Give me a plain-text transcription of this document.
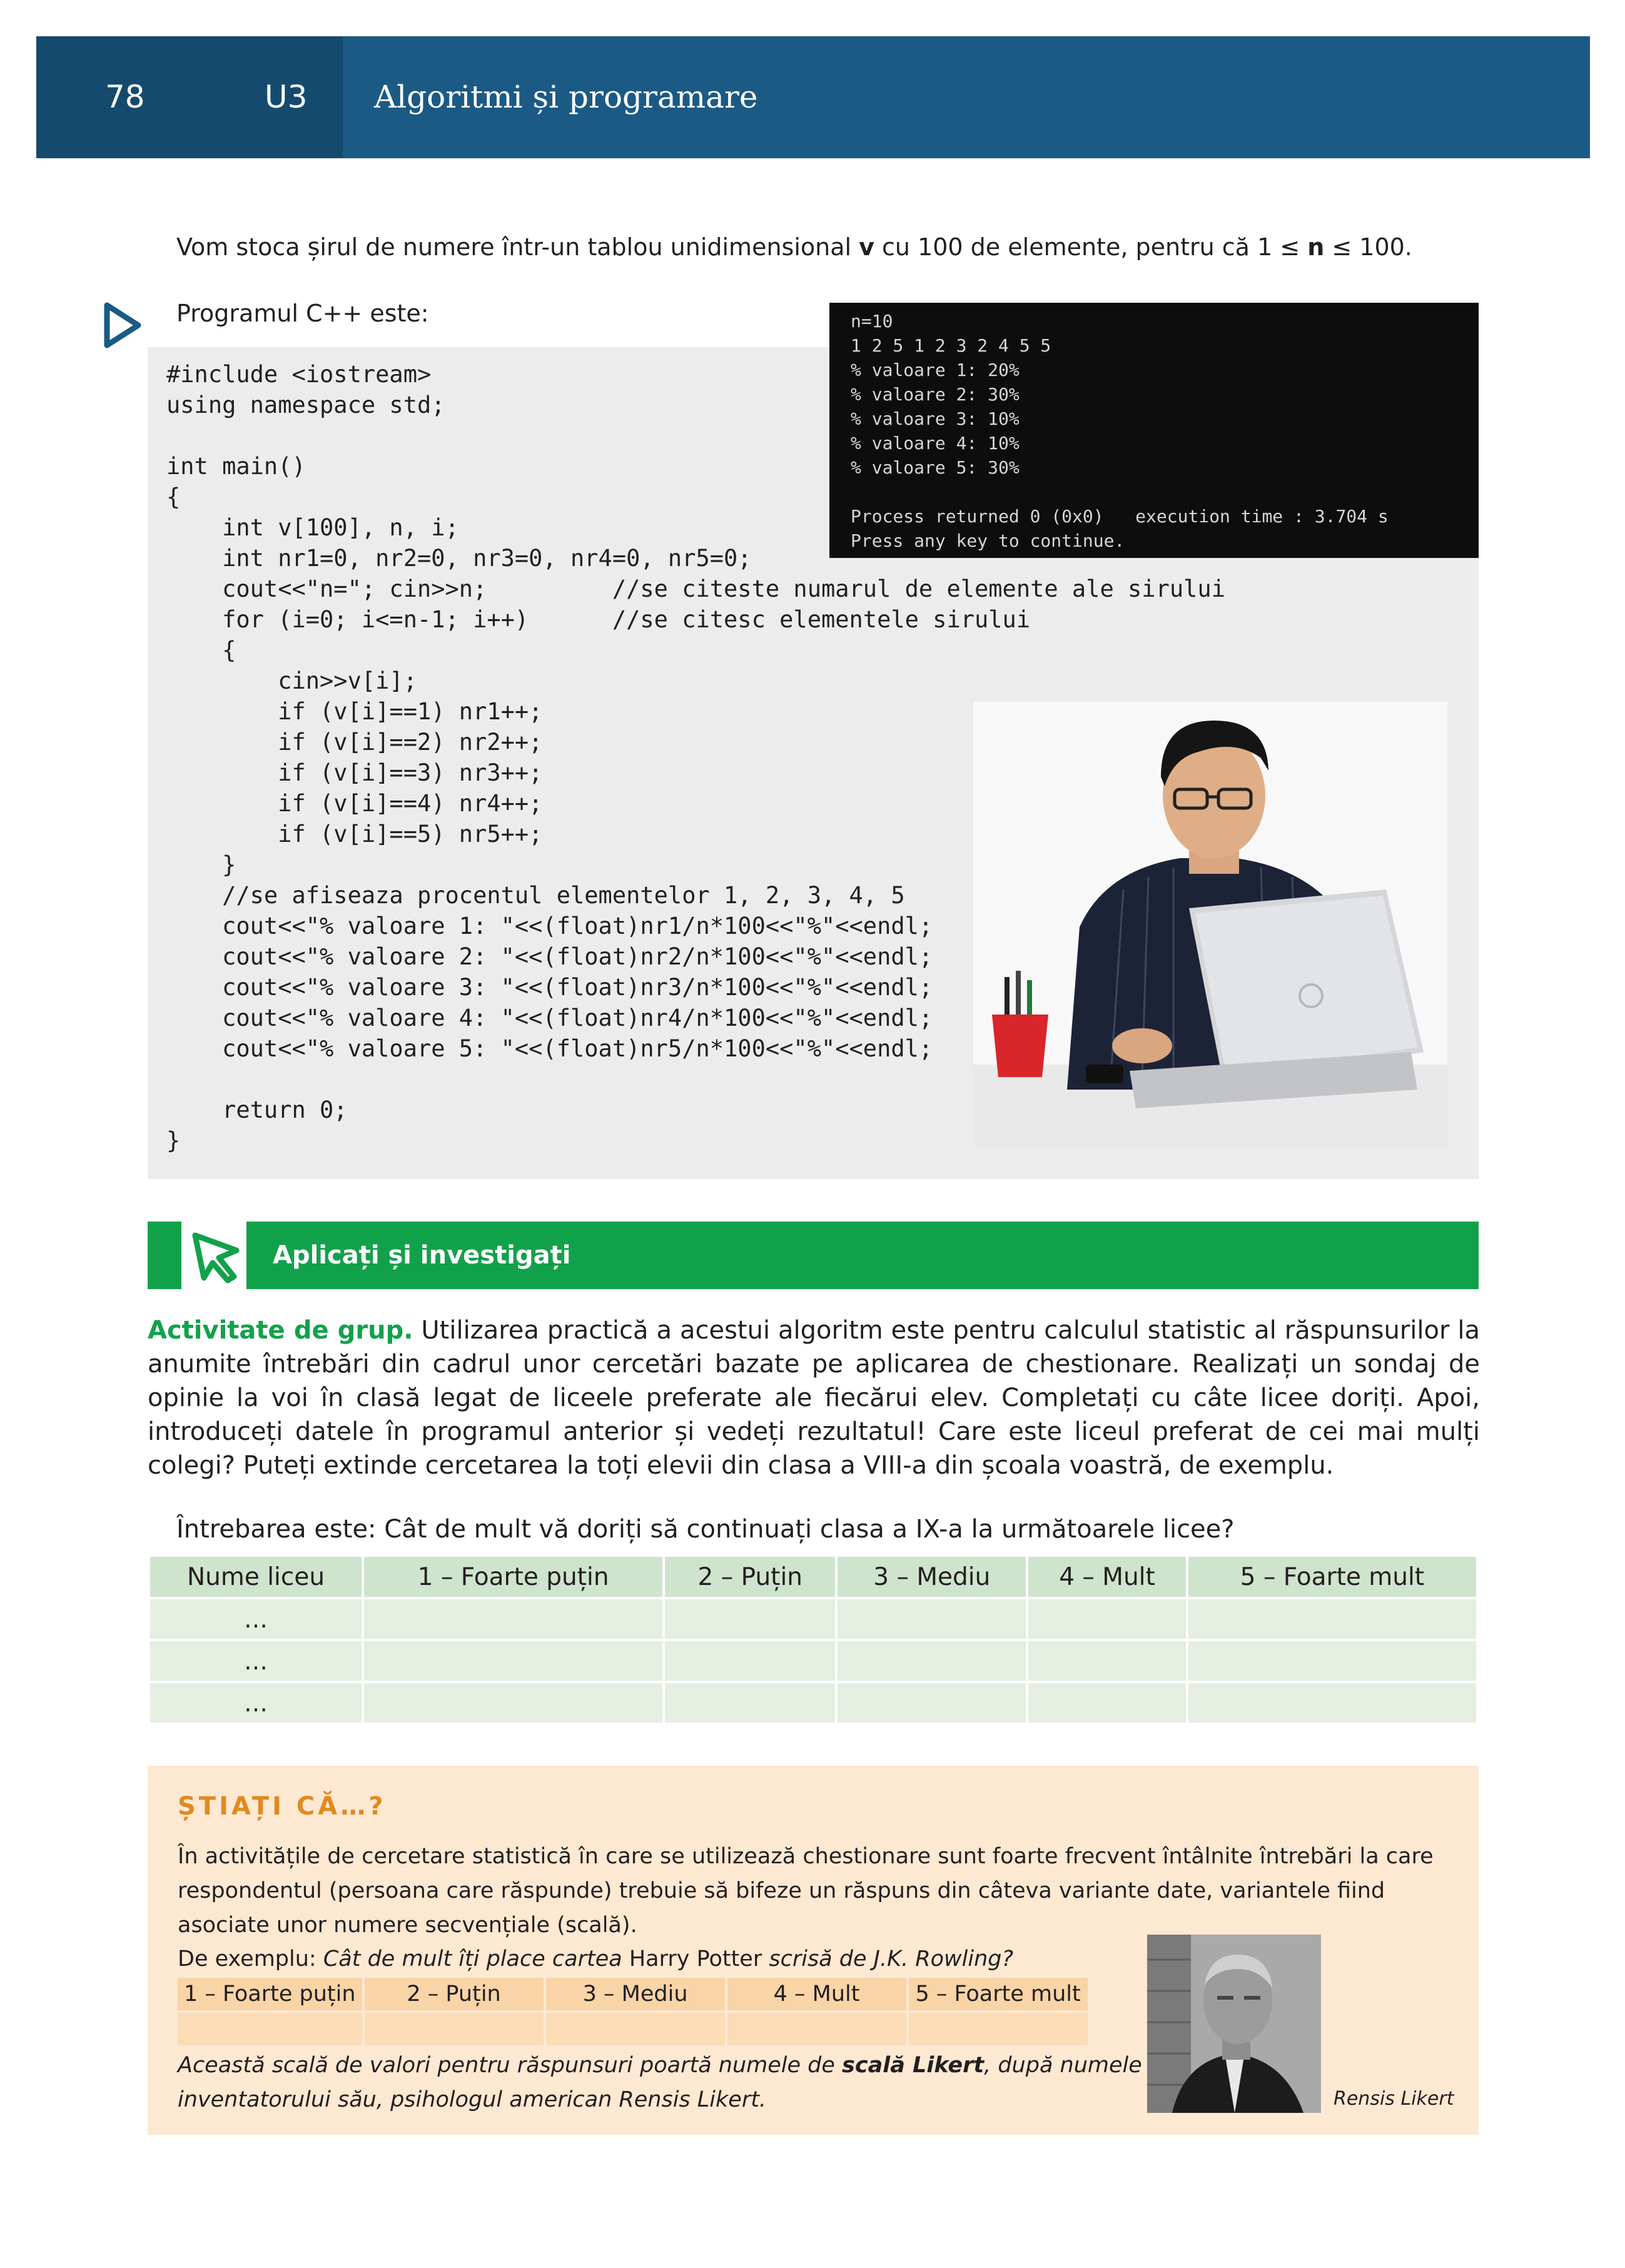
78	U3 Algoritmi și programare
Vom stoca șirul de numere într-un tablou unidimensional v cu 100 de elemente, pentru că 1 ≤ n ≤ 100.
Programul C++ este:
#include <iostream>
using namespace std;
int main()
{
int v[100], n, i;
int nr1=0, nr2=0, nr3=0, nr4=0, nr5=0;
cout<<"n="; cin>>n;         //se citeste numarul de elemente ale sirului
for (i=0; i<=n-1; i++)      //se citesc elementele sirului
{
cin>>v[i];
if (v[i]==1) nr1++;
if (v[i]==2) nr2++;
if (v[i]==3) nr3++;
if (v[i]==4) nr4++;
if (v[i]==5) nr5++;
}
//se afiseaza procentul elementelor 1, 2, 3, 4, 5
cout<<"% valoare 1: "<<(float)nr1/n*100<<"%"<<endl;
cout<<"% valoare 2: "<<(float)nr2/n*100<<"%"<<endl;
cout<<"% valoare 3: "<<(float)nr3/n*100<<"%"<<endl;
cout<<"% valoare 4: "<<(float)nr4/n*100<<"%"<<endl;
cout<<"% valoare 5: "<<(float)nr5/n*100<<"%"<<endl;
return 0;
}
n=10
1 2 5 1 2 3 2 4 5 5
% valoare 1: 20%
% valoare 2: 30%
% valoare 3: 10%
% valoare 4: 10%
% valoare 5: 30%
Process returned 0 (0x0)   execution time : 3.704 s
Press any key to continue.
Aplicați și investigați
Activitate de grup. Utilizarea practică a acestui algoritm este pentru calculul statistic al răspunsurilor la anumite întrebări din cadrul unor cercetări bazate pe aplicarea de chestionare. Realizați un sondaj de opinie la voi în clasă legat de liceele preferate ale fiecărui elev. Completați cu câte licee doriți. Apoi, introduceți datele în programul anterior și vedeți rezultatul! Care este liceul preferat de cei mai mulți colegi? Puteți extinde cercetarea la toți elevii din clasa a VIII-a din școala voastră, de exemplu.
Întrebarea este: Cât de mult vă doriți să continuați clasa a IX-a la următoarele licee?
Nume liceu	1 – Foarte puțin	2 – Puțin	3 – Mediu	4 – Mult	5 – Foarte mult
…					
…					
…					
ȘTIAȚI CĂ…?
În activitățile de cercetare statistică în care se utilizează chestionare sunt foarte frecvent întâlnite întrebări la care respondentul (persoana care răspunde) trebuie să bifeze un răspuns din câteva variante date, variantele fiind asociate unor numere secvențiale (scală).
De exemplu: Cât de mult îți place cartea Harry Potter scrisă de J.K. Rowling?
1 – Foarte puțin	2 – Puțin	3 – Mediu	4 – Mult	5 – Foarte mult

Această scală de valori pentru răspunsuri poartă numele de scală Likert, după numele inventatorului său, psihologul american Rensis Likert.	Rensis Likert
